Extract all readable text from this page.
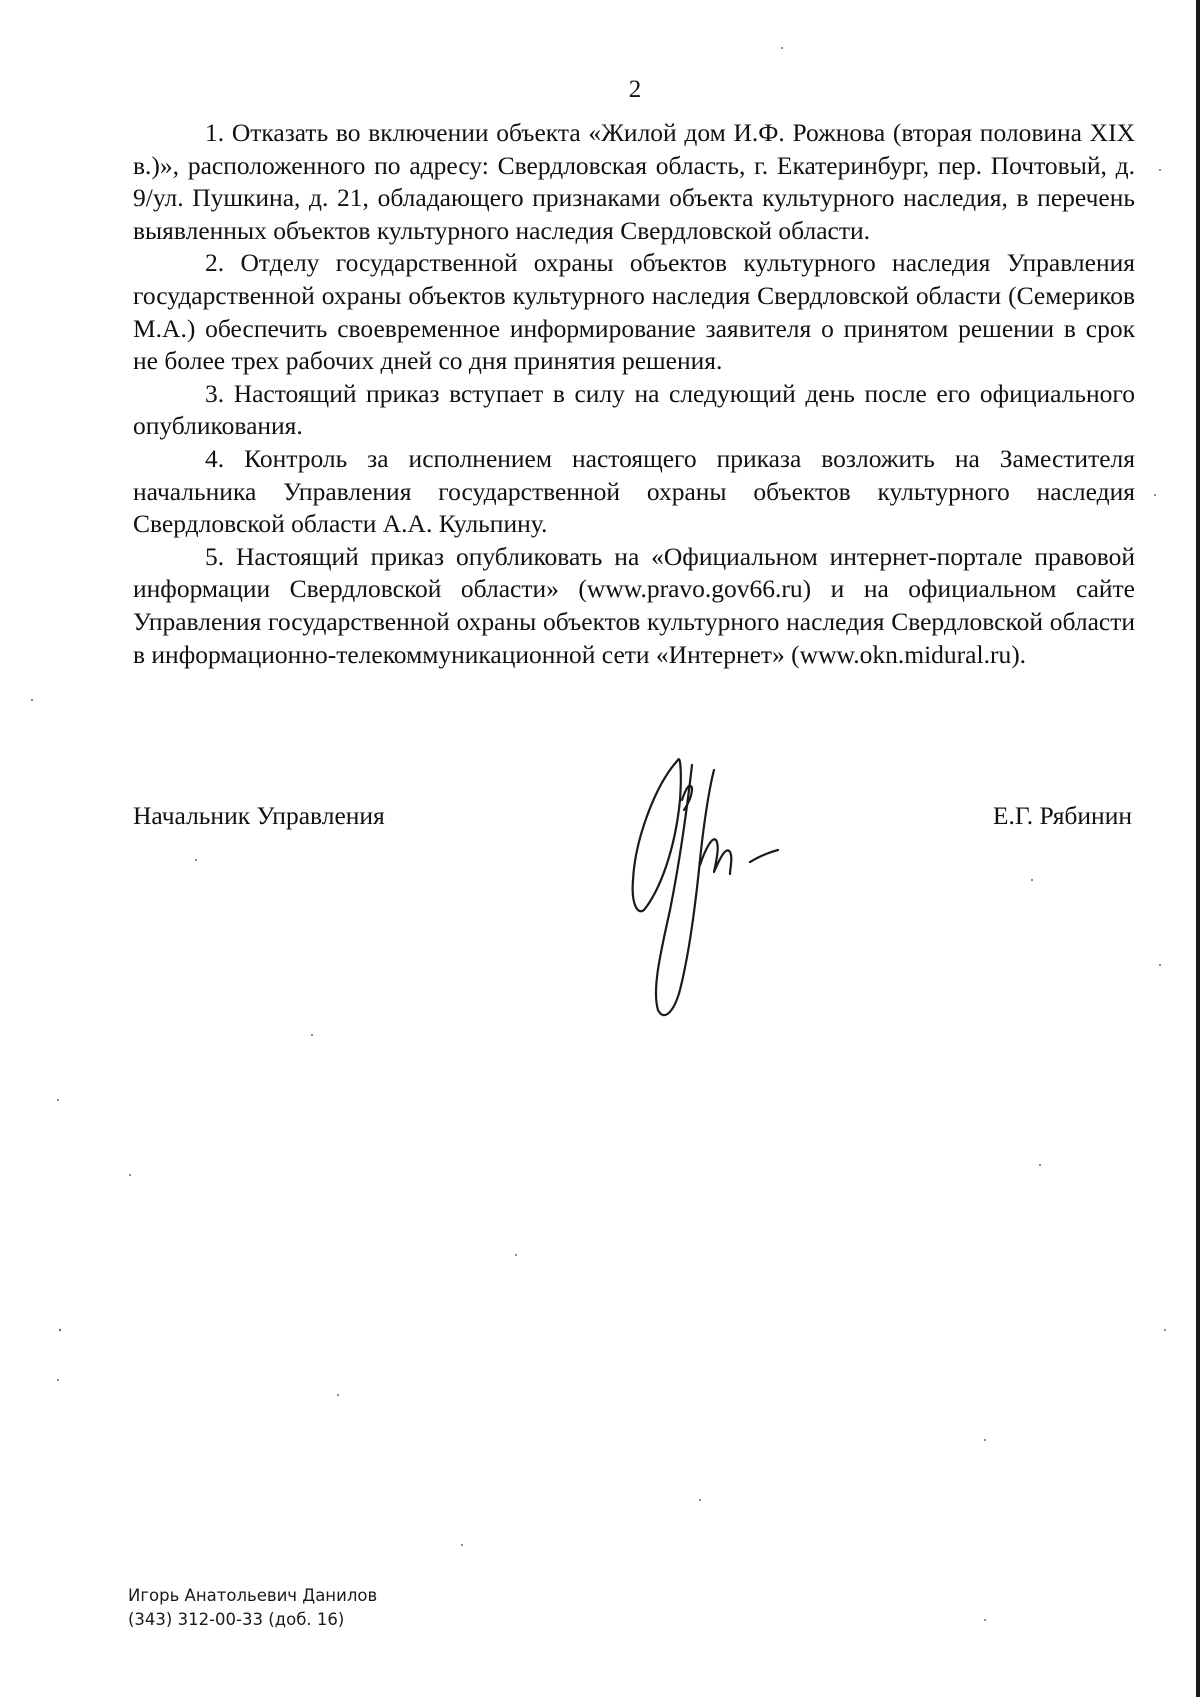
2

1. Отказать во включении объекта «Жилой дом И.Ф. Рожнова (вторая половина XIX в.)», расположенного по адресу: Свердловская область, г. Екатеринбург, пер. Почтовый, д. 9/ул. Пушкина, д. 21, обладающего признаками объекта культурного наследия, в перечень выявленных объектов культурного наследия Свердловской области.

2. Отделу государственной охраны объектов культурного наследия Управления государственной охраны объектов культурного наследия Свердловской области (Семериков М.А.) обеспечить своевременное информирование заявителя о принятом решении в срок не более трех рабочих дней со дня принятия решения.

3. Настоящий приказ вступает в силу на следующий день после его официального опубликования.

4. Контроль за исполнением настоящего приказа возложить на Заместителя начальника Управления государственной охраны объектов культурного наследия Свердловской области А.А. Кульпину.

5. Настоящий приказ опубликовать на «Официальном интернет-портале правовой информации Свердловской области» (www.pravo.gov66.ru) и на официальном сайте Управления государственной охраны объектов культурного наследия Свердловской области в информационно-телекоммуникационной сети «Интернет» (www.okn.midural.ru).

Начальник Управления	Е.Г. Рябинин
Игорь Анатольевич Данилов
(343) 312-00-33 (доб. 16)
